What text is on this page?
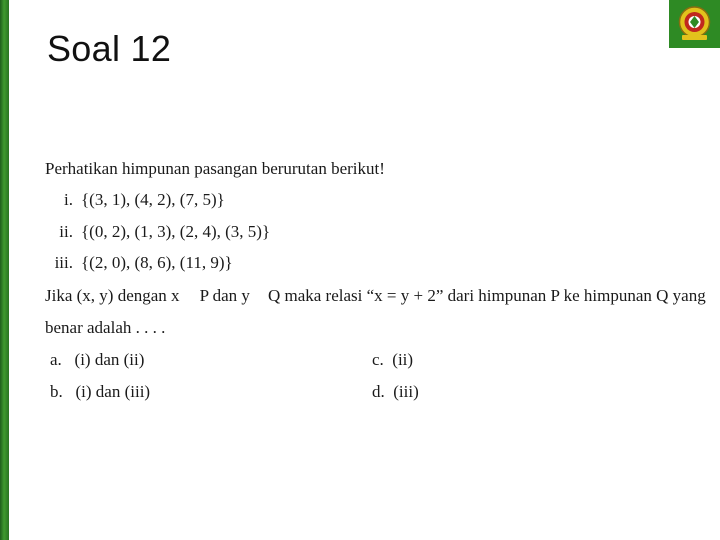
Soal 12
Perhatikan himpunan pasangan berurutan berikut!
i. {(3, 1), (4, 2), (7, 5)}
ii. {(0, 2), (1, 3), (2, 4), (3, 5)}
iii. {(2, 0), (8, 6), (11, 9)}
Jika (x, y) dengan x P dan y Q maka relasi “x = y + 2” dari himpunan P ke himpunan Q yang
benar adalah . . . .
a. (i) dan (ii)
b. (i) dan (iii)
c. (ii)
d. (iii)
